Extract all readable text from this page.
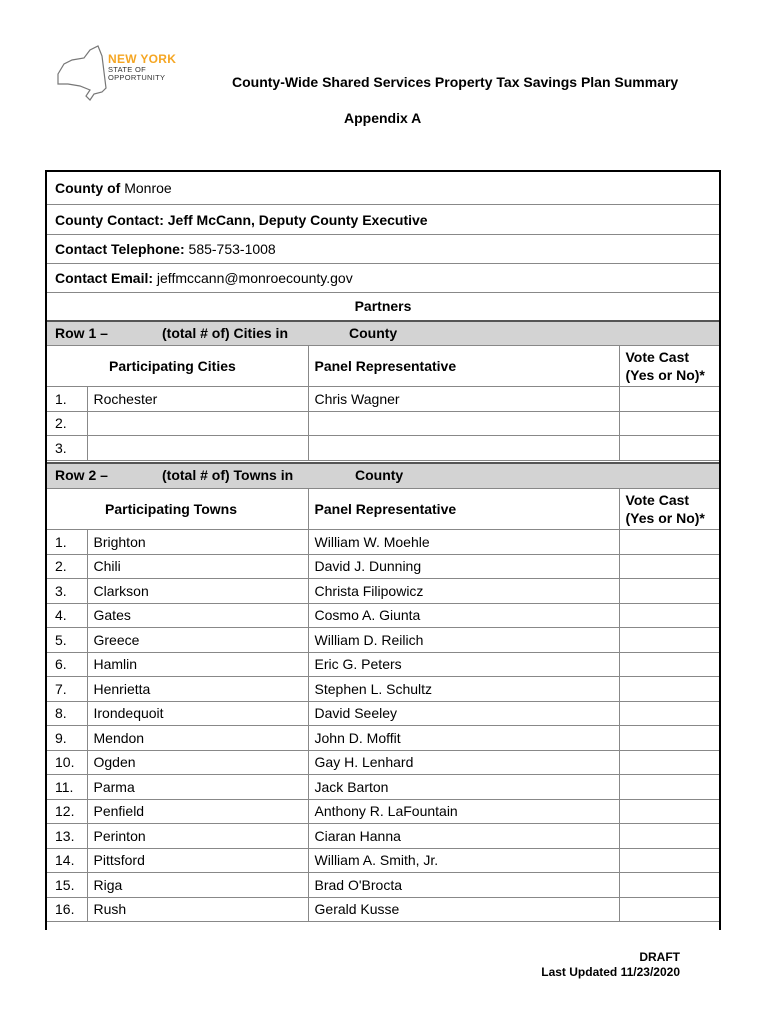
NEW YORK
STATE OF
OPPORTUNITY	County-Wide Shared Services Property Tax Savings Plan Summary
Appendix A
County of Monroe
County Contact: Jeff McCann, Deputy County Executive
Contact Telephone: 585-753-1008
Contact Email: jeffmccann@monroecounty.gov
Partners
Row 1 –	(total # of) Cities in	County
Participating Cities		Panel Representative	Vote Cast
(Yes or No)*

1.	Rochester	Chris Wagner	
2.			
3.			
Row 2 –	(total # of) Towns in	County
Participating Towns		Panel Representative	Vote Cast
(Yes or No)*

1.	Brighton	William W. Moehle	
2.	Chili	David J. Dunning	
3.	Clarkson	Christa Filipowicz	
4.	Gates	Cosmo A. Giunta	
5.	Greece	William D. Reilich	
6.	Hamlin	Eric G. Peters	
7.	Henrietta	Stephen L. Schultz	
8.	Irondequoit	David Seeley	
9.	Mendon	John D. Moffit	
10.	Ogden	Gay H. Lenhard	
11.	Parma	Jack Barton	
12.	Penfield	Anthony R. LaFountain	
13.	Perinton	Ciaran Hanna	
14.	Pittsford	William A. Smith, Jr.	
15.	Riga	Brad O'Brocta	
16.	Rush	Gerald Kusse	
DRAFT
Last Updated 11/23/2020
